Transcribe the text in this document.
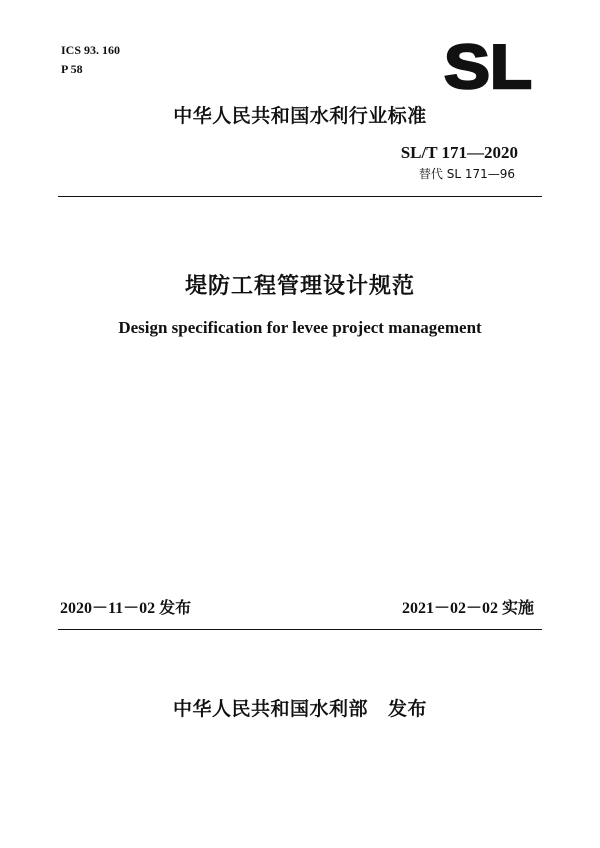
ICS 93. 160
P 58	SL
中华人民共和国水利行业标准
SL/T 171—2020
替代 SL 171—96
堤防工程管理设计规范
Design specification for levee project management
2020－11－02 发布	2021－02－02 实施
中华人民共和国水利部 发布
